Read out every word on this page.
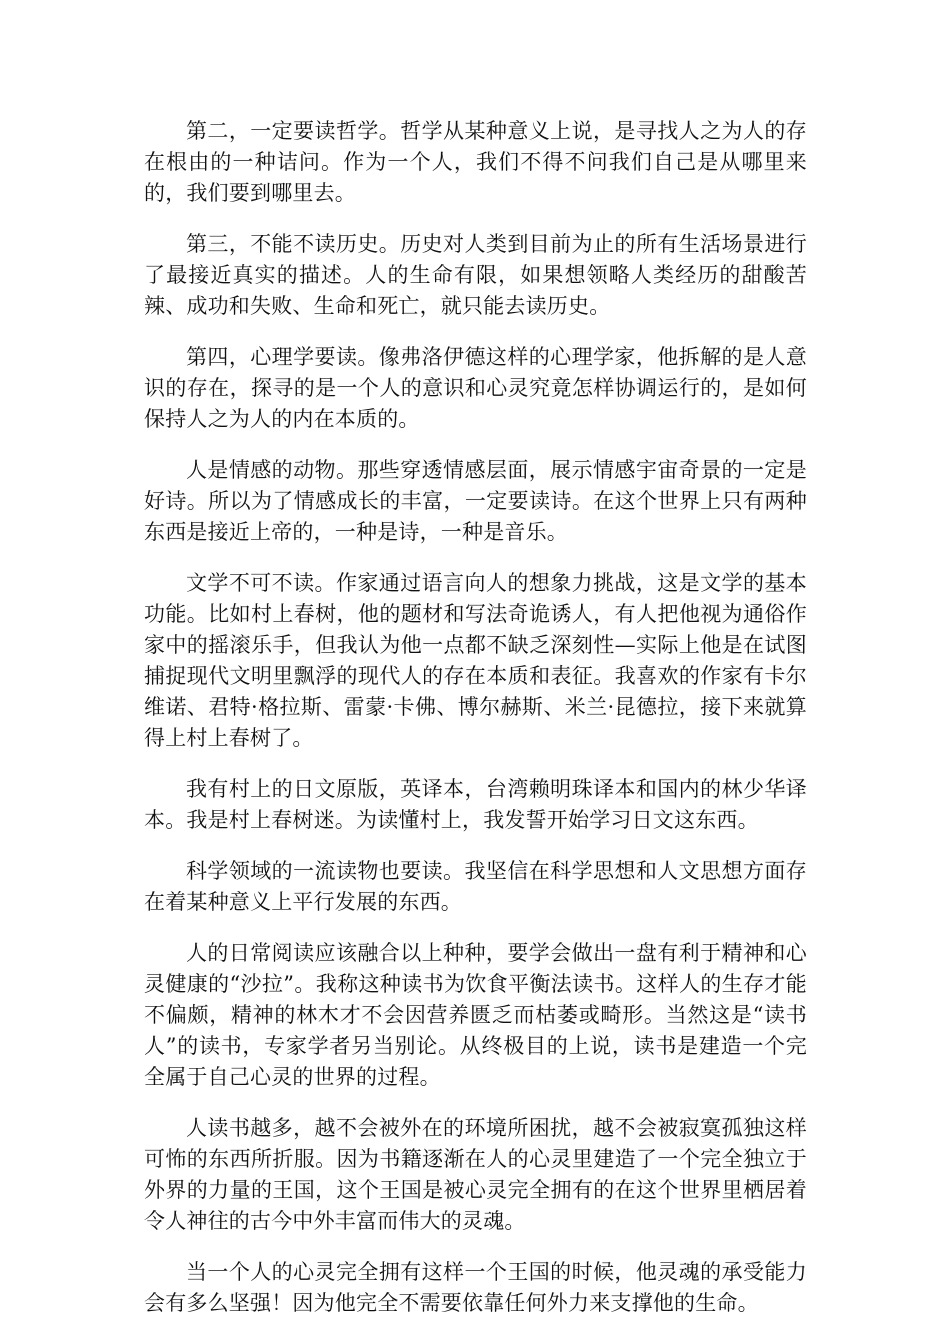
第二，一定要读哲学。哲学从某种意义上说，是寻找人之为人的存在根由的一种诘问。作为一个人，我们不得不问我们自己是从哪里来的，我们要到哪里去。

第三，不能不读历史。历史对人类到目前为止的所有生活场景进行了最接近真实的描述。人的生命有限，如果想领略人类经历的甜酸苦辣、成功和失败、生命和死亡，就只能去读历史。

第四，心理学要读。像弗洛伊德这样的心理学家，他拆解的是人意识的存在，探寻的是一个人的意识和心灵究竟怎样协调运行的，是如何保持人之为人的内在本质的。

人是情感的动物。那些穿透情感层面，展示情感宇宙奇景的一定是好诗。所以为了情感成长的丰富，一定要读诗。在这个世界上只有两种东西是接近上帝的，一种是诗，一种是音乐。

文学不可不读。作家通过语言向人的想象力挑战，这是文学的基本功能。比如村上春树，他的题材和写法奇诡诱人，有人把他视为通俗作家中的摇滚乐手，但我认为他一点都不缺乏深刻性—实际上他是在试图捕捉现代文明里飘浮的现代人的存在本质和表征。我喜欢的作家有卡尔维诺、君特·格拉斯、雷蒙·卡佛、博尔赫斯、米兰·昆德拉，接下来就算得上村上春树了。

我有村上的日文原版，英译本，台湾赖明珠译本和国内的林少华译本。我是村上春树迷。为读懂村上，我发誓开始学习日文这东西。

科学领域的一流读物也要读。我坚信在科学思想和人文思想方面存在着某种意义上平行发展的东西。

人的日常阅读应该融合以上种种，要学会做出一盘有利于精神和心灵健康的“沙拉”。我称这种读书为饮食平衡法读书。这样人的生存才能不偏颇，精神的林木才不会因营养匮乏而枯萎或畸形。当然这是“读书人”的读书，专家学者另当别论。从终极目的上说，读书是建造一个完全属于自己心灵的世界的过程。

人读书越多，越不会被外在的环境所困扰，越不会被寂寞孤独这样可怖的东西所折服。因为书籍逐渐在人的心灵里建造了一个完全独立于外界的力量的王国，这个王国是被心灵完全拥有的在这个世界里栖居着令人神往的古今中外丰富而伟大的灵魂。

当一个人的心灵完全拥有这样一个王国的时候，他灵魂的承受能力会有多么坚强！因为他完全不需要依靠任何外力来支撑他的生命。
